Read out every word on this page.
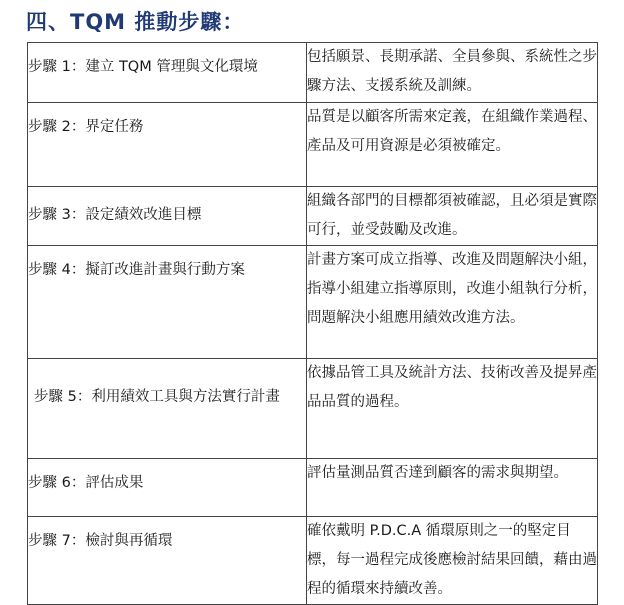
四、TQM 推動步驟：
步驟 1：建立 TQM 管理與文化環境	包括願景、長期承諾、全員參與、系統性之步驟方法、支援系統及訓練。
步驟 2：界定任務	品質是以顧客所需來定義，在組織作業過程、產品及可用資源是必須被確定。
步驟 3：設定績效改進目標	組織各部門的目標都須被確認，且必須是實際可行，並受鼓勵及改進。
步驟 4：擬訂改進計畫與行動方案	計畫方案可成立指導、改進及問題解決小組，指導小組建立指導原則，改進小組執行分析，問題解決小組應用績效改進方法。
步驟 5：利用績效工具與方法實行計畫	依據品管工具及統計方法、技術改善及提昇產品品質的過程。
步驟 6：評估成果	評估量測品質否達到顧客的需求與期望。
步驟 7：檢討與再循環	確依戴明 P.D.C.A 循環原則之一的堅定目標，每一過程完成後應檢討結果回饋，藉由過程的循環來持續改善。
